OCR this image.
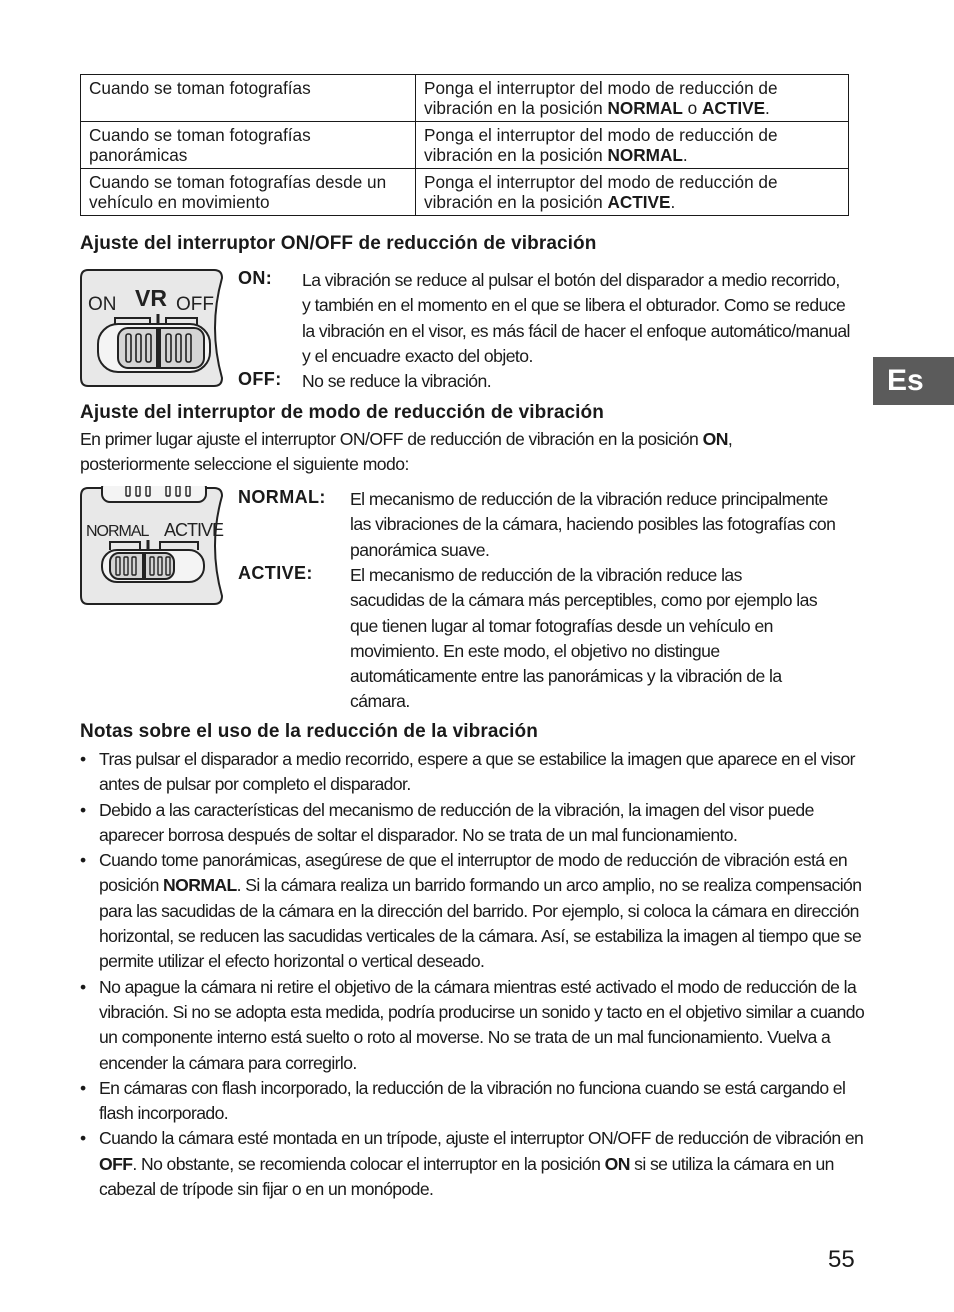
Cuando se toman fotografías	Ponga el interruptor del modo de reducción de vibración en la posición NORMAL o ACTIVE.
Cuando se toman fotografías panorámicas	Ponga el interruptor del modo de reducción de vibración en la posición NORMAL.
Cuando se toman fotografías desde un vehículo en movimiento	Ponga el interruptor del modo de reducción de vibración en la posición ACTIVE.
Ajuste del interruptor ON/OFF de reducción de vibración
ON VR OFF
ON: La vibración se reduce al pulsar el botón del disparador a medio recorrido, y también en el momento en el que se libera el obturador. Como se reduce la vibración en el visor, es más fácil de hacer el enfoque automático/manual y el encuadre exacto del objeto.
OFF: No se reduce la vibración.
Ajuste del interruptor de modo de reducción de vibración
En primer lugar ajuste el interruptor ON/OFF de reducción de vibración en la posición ON, posteriormente seleccione el siguiente modo:
NORMAL ACTIVE
NORMAL: El mecanismo de reducción de la vibración reduce principalmente las vibraciones de la cámara, haciendo posibles las fotografías con panorámica suave.
ACTIVE: El mecanismo de reducción de la vibración reduce las sacudidas de la cámara más perceptibles, como por ejemplo las que tienen lugar al tomar fotografías desde un vehículo en movimiento. En este modo, el objetivo no distingue automáticamente entre las panorámicas y la vibración de la cámara.
Notas sobre el uso de la reducción de la vibración
• Tras pulsar el disparador a medio recorrido, espere a que se estabilice la imagen que aparece en el visor antes de pulsar por completo el disparador.
• Debido a las características del mecanismo de reducción de la vibración, la imagen del visor puede aparecer borrosa después de soltar el disparador. No se trata de un mal funcionamiento.
• Cuando tome panorámicas, asegúrese de que el interruptor de modo de reducción de vibración está en posición NORMAL. Si la cámara realiza un barrido formando un arco amplio, no se realiza compensación para las sacudidas de la cámara en la dirección del barrido. Por ejemplo, si coloca la cámara en dirección horizontal, se reducen las sacudidas verticales de la cámara. Así, se estabiliza la imagen al tiempo que se permite utilizar el efecto horizontal o vertical deseado.
• No apague la cámara ni retire el objetivo de la cámara mientras esté activado el modo de reducción de la vibración. Si no se adopta esta medida, podría producirse un sonido y tacto en el objetivo similar a cuando un componente interno está suelto o roto al moverse. No se trata de un mal funcionamiento. Vuelva a encender la cámara para corregirlo.
• En cámaras con flash incorporado, la reducción de la vibración no funciona cuando se está cargando el flash incorporado.
• Cuando la cámara esté montada en un trípode, ajuste el interruptor ON/OFF de reducción de vibración en OFF. No obstante, se recomienda colocar el interruptor en la posición ON si se utiliza la cámara en un cabezal de trípode sin fijar o en un monópode.
Es
55
